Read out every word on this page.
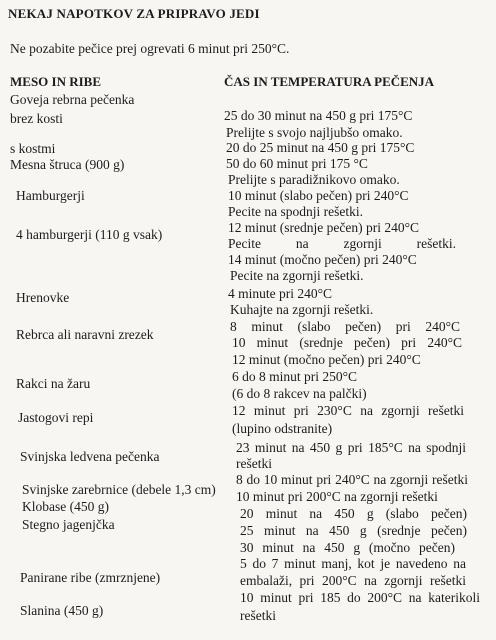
NEKAJ NAPOTKOV ZA PRIPRAVO JEDI
Ne pozabite pečice prej ogrevati 6 minut pri 250°C.
MESO IN RIBE	ČAS IN TEMPERATURA PEČENJA
Goveja rebrna pečenka
brez kosti
s kostmi
Mesna štruca (900 g)
Hamburgerji
4 hamburgerji (110 g vsak)
Hrenovke
Rebrca ali naravni zrezek
Rakci na žaru
Jastogovi repi
Svinjska ledvena pečenka
Svinjske zarebrnice (debele 1,3 cm)
Klobase (450 g)
Stegno jagenjčka
Panirane ribe (zmrznjene)
Slanina (450 g)
25 do 30 minut na 450 g pri 175°C
Prelijte s svojo najljubšo omako.
20 do 25 minut na 450 g pri 175°C
50 do 60 minut pri 175 °C
Prelijte s paradižnikovo omako.
10 minut (slabo pečen) pri 240°C
Pecite na spodnji rešetki.
12 minut (srednje pečen) pri 240°C
Pecite na zgornji rešetki.
14 minut (močno pečen) pri 240°C
Pecite na zgornji rešetki.
4 minute pri 240°C
Kuhajte na zgornji rešetki.
8 minut (slabo pečen) pri 240°C
10 minut (srednje pečen) pri 240°C
12 minut (močno pečen) pri 240°C
6 do 8 minut pri 250°C
(6 do 8 rakcev na palčki)
12 minut pri 230°C na zgornji rešetki
(lupino odstranite)
23 minut na 450 g pri 185°C na spodnji
rešetki
8 do 10 minut pri 240°C na zgornji rešetki
10 minut pri 200°C na zgornji rešetki
20 minut na 450 g (slabo pečen)
25 minut na 450 g (srednje pečen)
30 minut na 450 g (močno pečen)
5 do 7 minut manj, kot je navedeno na
embalaži, pri 200°C na zgornji rešetki
10 minut pri 185 do 200°C na katerikoli
rešetki
